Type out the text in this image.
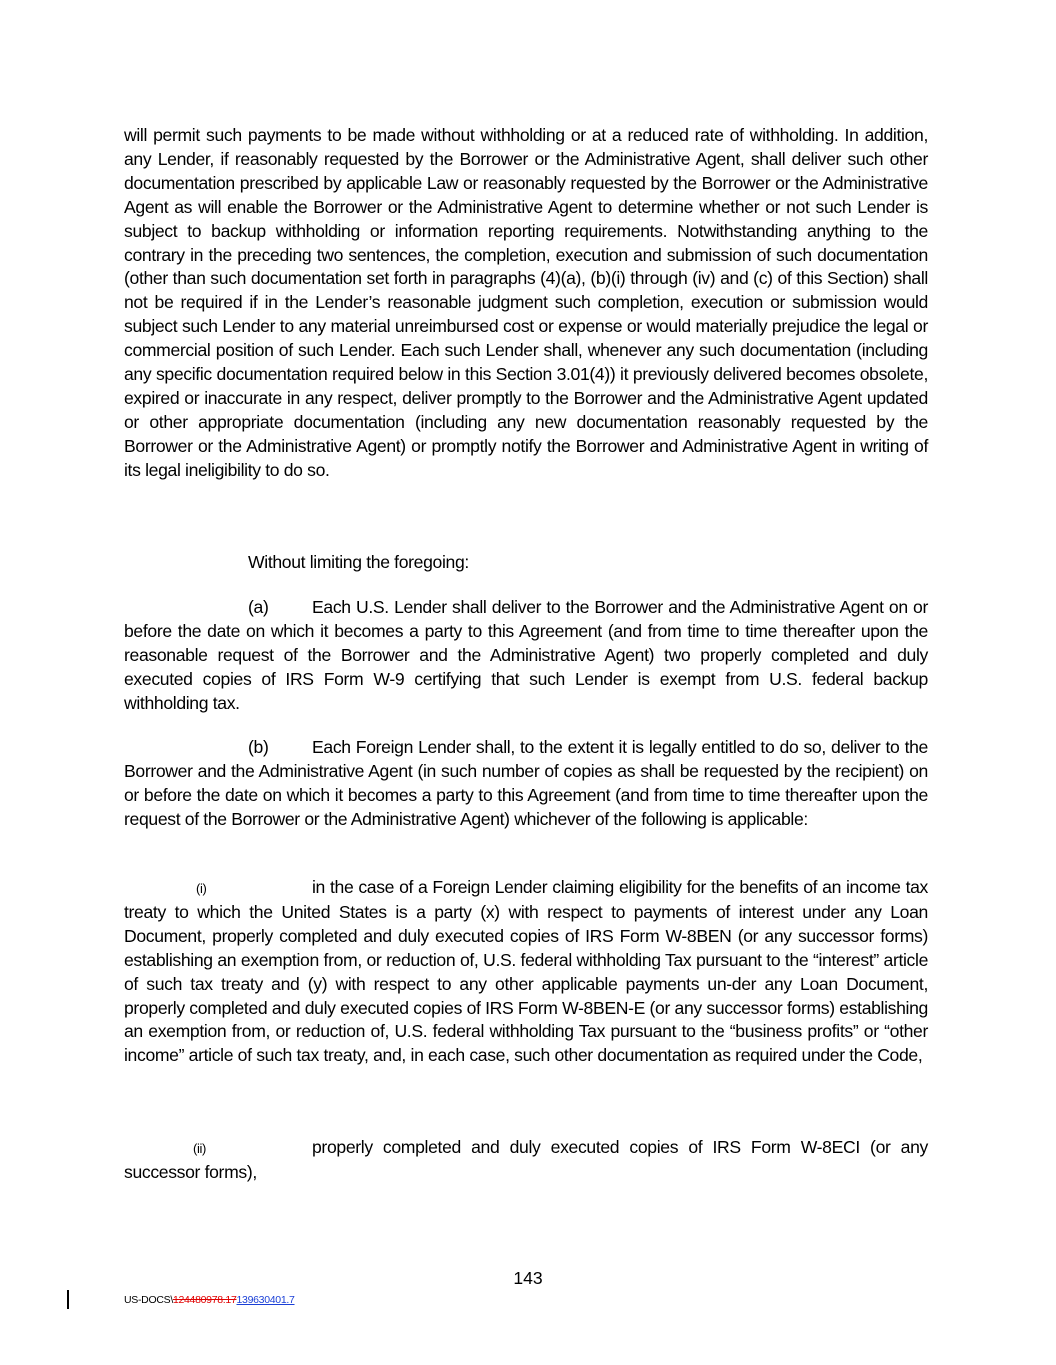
will permit such payments to be made without withholding or at a reduced rate of withholding. In addition, any Lender, if reasonably requested by the Borrower or the Administrative Agent, shall deliver such other documentation prescribed by applicable Law or reasonably requested by the Borrower or the Administrative Agent as will enable the Borrower or the Administrative Agent to determine whether or not such Lender is subject to backup withholding or information reporting requirements. Notwithstanding anything to the contrary in the preceding two sentences, the completion, execution and submission of such documentation (other than such documentation set forth in paragraphs (4)(a), (b)(i) through (iv) and (c) of this Section) shall not be required if in the Lender’s reasonable judgment such completion, execution or submission would subject such Lender to any material unreimbursed cost or expense or would materially prejudice the legal or commercial position of such Lender. Each such Lender shall, whenever any such documentation (including any specific documentation required below in this Section 3.01(4)) it previously delivered becomes obsolete, expired or inaccurate in any respect, deliver promptly to the Borrower and the Administrative Agent updated or other appropriate documentation (including any new documentation reasonably requested by the Borrower or the Administrative Agent) or promptly notify the Borrower and Administrative Agent in writing of its legal ineligibility to do so.

Without limiting the foregoing:

(a) Each U.S. Lender shall deliver to the Borrower and the Administrative Agent on or before the date on which it becomes a party to this Agreement (and from time to time thereafter upon the reasonable request of the Borrower and the Administrative Agent) two properly completed and duly executed copies of IRS Form W-9 certifying that such Lender is exempt from U.S. federal backup withholding tax.

(b) Each Foreign Lender shall, to the extent it is legally entitled to do so, deliver to the Borrower and the Administrative Agent (in such number of copies as shall be requested by the recipient) on or before the date on which it becomes a party to this Agreement (and from time to time thereafter upon the request of the Borrower or the Administrative Agent) whichever of the following is applicable:

(i)	in the case of a Foreign Lender claiming eligibility for the benefits of an income tax treaty to which the United States is a party (x) with respect to payments of interest under any Loan Document, properly completed and duly executed copies of IRS Form W-8BEN (or any successor forms) establishing an exemption from, or reduction of, U.S. federal withholding Tax pursuant to the “interest” article of such tax treaty and (y) with respect to any other applicable payments un-der any Loan Document, properly completed and duly executed copies of IRS Form W-8BEN-E (or any successor forms) establishing an exemption from, or reduction of, U.S. federal withholding Tax pursuant to the “business profits” or “other income” article of such tax treaty, and, in each case, such other documentation as required under the Code,

(ii)	properly completed and duly executed copies of IRS Form W-8ECI (or any successor forms),

143

US-DOCS\124480978.17139630401.7
